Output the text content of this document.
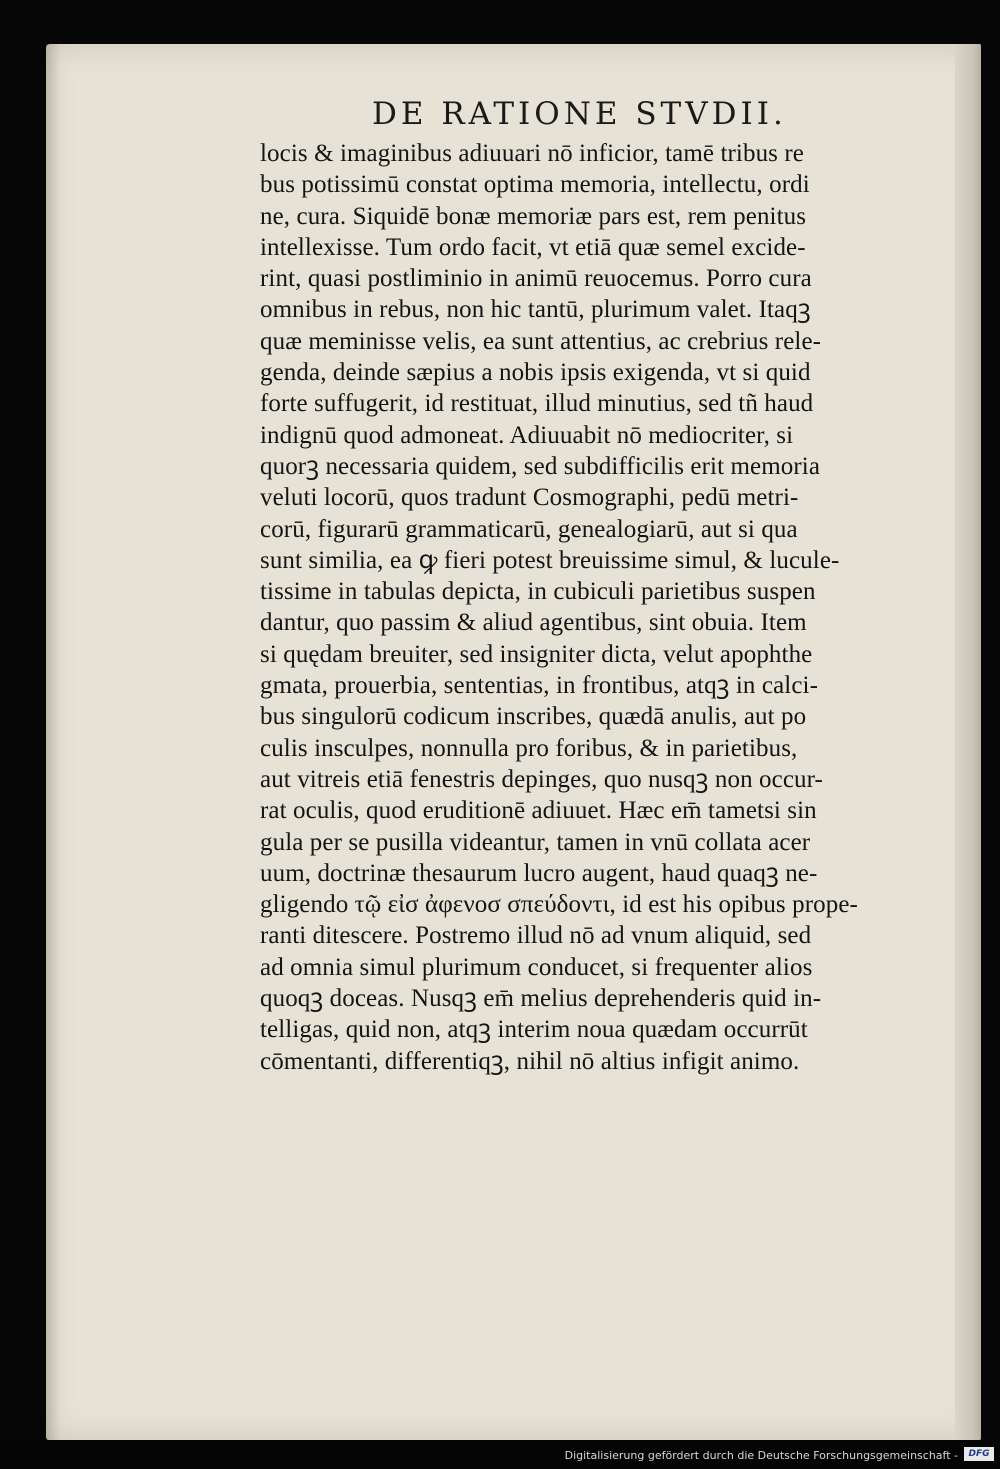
DE RATIONE STVDII.
locis & imaginibus adiuuari nō inficior, tamē tribus re
bus potissimū constat optima memoria, intellectu, ordi
ne, cura. Siquidē bonæ memoriæ pars est, rem penitus
intellexisse. Tum ordo facit, vt etiā quæ semel excide-
rint, quasi postliminio in animū reuocemus. Porro cura
omnibus in rebus, non hic tantū, plurimum valet. Itaqꝫ
quæ meminisse velis, ea sunt attentius, ac crebrius rele-
genda, deinde sæpius a nobis ipsis exigenda, vt si quid
forte suffugerit, id restituat, illud minutius, sed tñ haud
indignū quod admoneat. Adiuuabit nō mediocriter, si
quorꝫ necessaria quidem, sed subdifficilis erit memoria
veluti locorū, quos tradunt Cosmographi, pedū metri-
corū, figurarū grammaticarū, genealogiarū, aut si qua
sunt similia, ea ꝙ fieri potest breuissime simul, & lucule-
tissime in tabulas depicta, in cubiculi parietibus suspen
dantur, quo passim & aliud agentibus, sint obuia. Item
si quędam breuiter, sed insigniter dicta, velut apophthe
gmata, prouerbia, sententias, in frontibus, atqꝫ in calci-
bus singulorū codicum inscribes, quædā anulis, aut po
culis insculpes, nonnulla pro foribus, & in parietibus,
aut vitreis etiā fenestris depinges, quo nusqꝫ non occur-
rat oculis, quod eruditionē adiuuet. Hæc em̄ tametsi sin
gula per se pusilla videantur, tamen in vnū collata acer
uum, doctrinæ thesaurum lucro augent, haud quaqꝫ ne-
gligendo τῷ εἰσ ἀφενοσ σπεύδοντι, id est his opibus prope-
ranti ditescere. Postremo illud nō ad vnum aliquid, sed
ad omnia simul plurimum conducet, si frequenter alios
quoqꝫ doceas. Nusqꝫ em̄ melius deprehenderis quid in-
telligas, quid non, atqꝫ interim noua quædam occurrūt
cōmentanti, differentiqꝫ, nihil nō altius infigit animo.
Digitalisierung gefördert durch die Deutsche Forschungsgemeinschaft -	DFG
